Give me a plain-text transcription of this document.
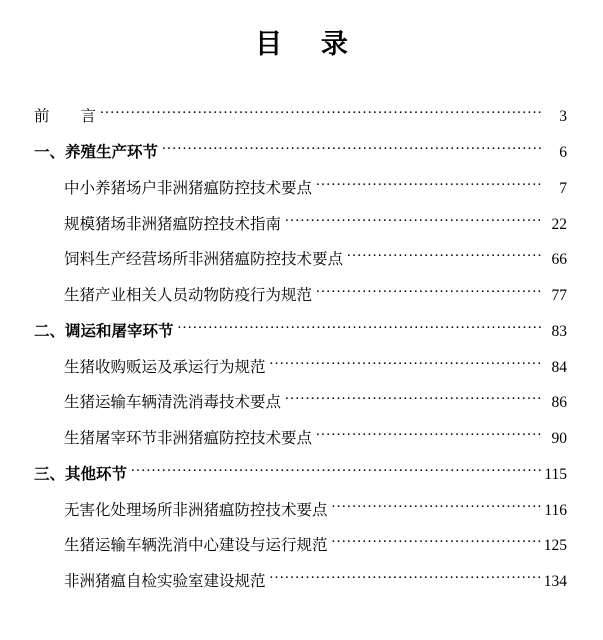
目 录
前　　言 .....	3
一、养殖生产环节 .....	6
中小养猪场户非洲猪瘟防控技术要点 .....	7
规模猪场非洲猪瘟防控技术指南 .....	22
饲料生产经营场所非洲猪瘟防控技术要点 .....	66
生猪产业相关人员动物防疫行为规范 .....	77
二、调运和屠宰环节 .....	83
生猪收购贩运及承运行为规范 .....	84
生猪运输车辆清洗消毒技术要点 .....	86
生猪屠宰环节非洲猪瘟防控技术要点 .....	90
三、其他环节 .....	115
无害化处理场所非洲猪瘟防控技术要点 .....	116
生猪运输车辆洗消中心建设与运行规范 .....	125
非洲猪瘟自检实验室建设规范 .....	134
